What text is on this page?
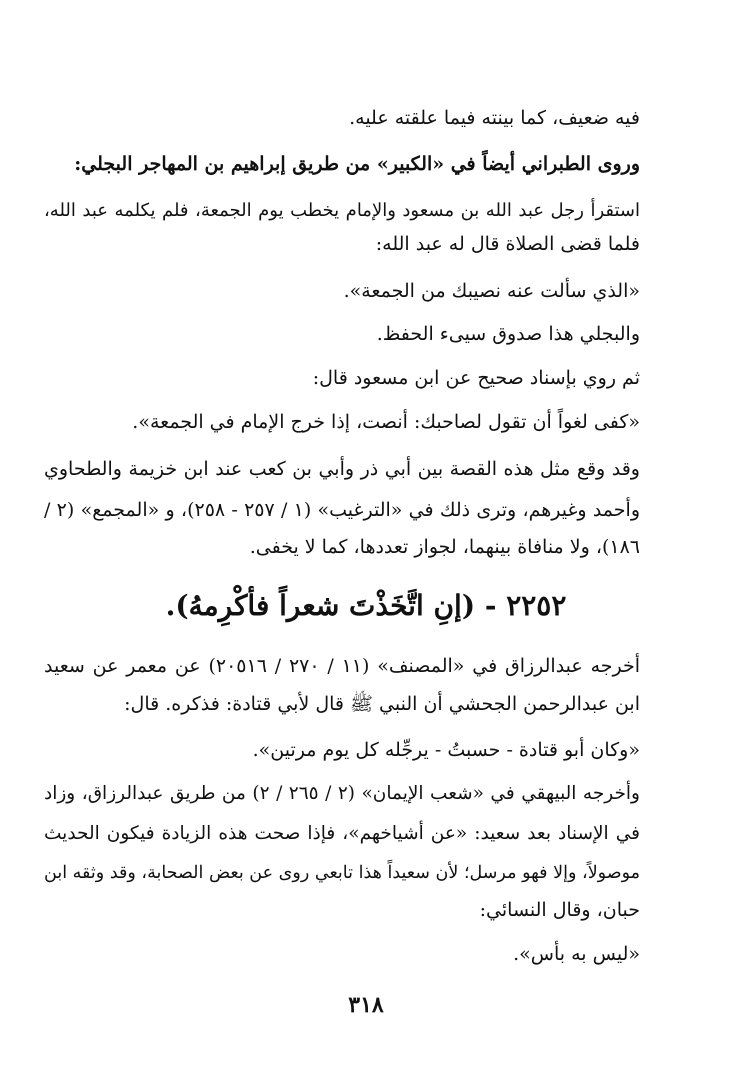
فيه ضعيف، كما بينته فيما علقته عليه.
وروى الطبراني أيضاً في «الكبير» من طريق إبراهيم بن المهاجر البجلي:
استقرأ رجل عبد الله بن مسعود والإمام يخطب يوم الجمعة، فلم يكلمه عبد الله،
فلما قضى الصلاة قال له عبد الله:
«الذي سألت عنه نصيبك من الجمعة».
والبجلي هذا صدوق سيىء الحفظ.
ثم روي بإسناد صحيح عن ابن مسعود قال:
«كفى لغواً أن تقول لصاحبك: أنصت، إذا خرج الإمام في الجمعة».
وقد وقع مثل هذه القصة بين أبي ذر وأبي بن كعب عند ابن خزيمة والطحاوي
وأحمد وغيرهم، وترى ذلك في «الترغيب» (١ / ٢٥٧ - ٢٥٨)، و «المجمع» (٢ /
١٨٦)، ولا منافاة بينهما، لجواز تعددها، كما لا يخفى.
٢٢٥٢ - (إنِ اتَّخَذْتَ شعراً فأكْرِمهُ).
أخرجه عبدالرزاق في «المصنف» (١١ / ٢٧٠ / ٢٠٥١٦) عن معمر عن سعيد
ابن عبدالرحمن الجحشي أن النبي ﷺ قال لأبي قتادة: فذكره. قال:
«وكان أبو قتادة - حسبتُ - يرجِّله كل يوم مرتين».
وأخرجه البيهقي في «شعب الإيمان» (٢ / ٢٦٥ / ٢) من طريق عبدالرزاق، وزاد
في الإسناد بعد سعيد: «عن أشياخهم»، فإذا صحت هذه الزيادة فيكون الحديث
موصولاً، وإلا فهو مرسل؛ لأن سعيداً هذا تابعي روى عن بعض الصحابة، وقد وثقه ابن
حبان، وقال النسائي:
«ليس به بأس».
٣١٨
